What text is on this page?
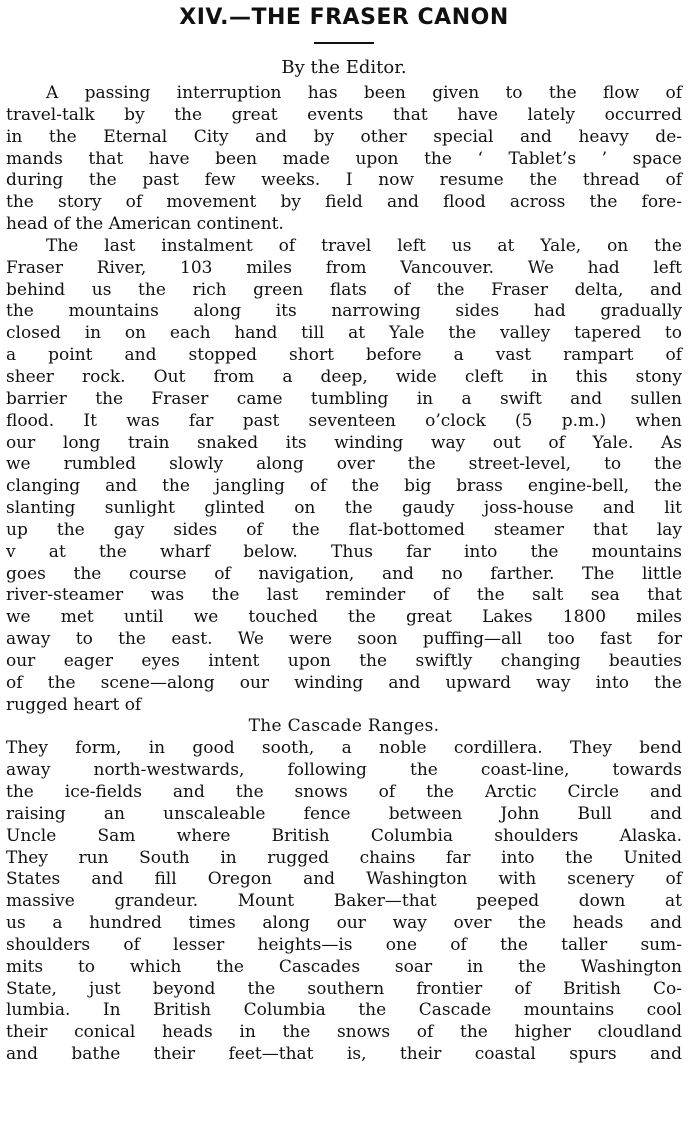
XIV.—THE FRASER CANON
By the Editor.
A passing interruption has been given to the flow of
travel-talk by the great events that have lately occurred
in the Eternal City and by other special and heavy de-
mands that have been made upon the ‘ Tablet’s ’ space
during the past few weeks. I now resume the thread of
the story of movement by field and flood across the fore-
head of the American continent.
The last instalment of travel left us at Yale, on the
Fraser River, 103 miles from Vancouver. We had left
behind us the rich green flats of the Fraser delta, and
the mountains along its narrowing sides had gradually
closed in on each hand till at Yale the valley tapered to
a point and stopped short before a vast rampart of
sheer rock. Out from a deep, wide cleft in this stony
barrier the Fraser came tumbling in a swift and sullen
flood. It was far past seventeen o’clock (5 p.m.) when
our long train snaked its winding way out of Yale. As
we rumbled slowly along over the street-level, to the
clanging and the jangling of the big brass engine-bell, the
slanting sunlight glinted on the gaudy joss-house and lit
up the gay sides of the flat-bottomed steamer that lay
v at the wharf below. Thus far into the mountains
goes the course of navigation, and no farther. The little
river-steamer was the last reminder of the salt sea that
we met until we touched the great Lakes 1800 miles
away to the east. We were soon puffing—all too fast for
our eager eyes intent upon the swiftly changing beauties
of the scene—along our winding and upward way into the
rugged heart of
The Cascade Ranges.
They form, in good sooth, a noble cordillera. They bend
away north-westwards, following the coast-line, towards
the ice-fields and the snows of the Arctic Circle and
raising an unscaleable fence between John Bull and
Uncle Sam where British Columbia shoulders Alaska.
They run South in rugged chains far into the United
States and fill Oregon and Washington with scenery of
massive grandeur. Mount Baker—that peeped down at
us a hundred times along our way over the heads and
shoulders of lesser heights—is one of the taller sum-
mits to which the Cascades soar in the Washington
State, just beyond the southern frontier of British Co-
lumbia. In British Columbia the Cascade mountains cool
their conical heads in the snows of the higher cloudland
and bathe their feet—that is, their coastal spurs and
